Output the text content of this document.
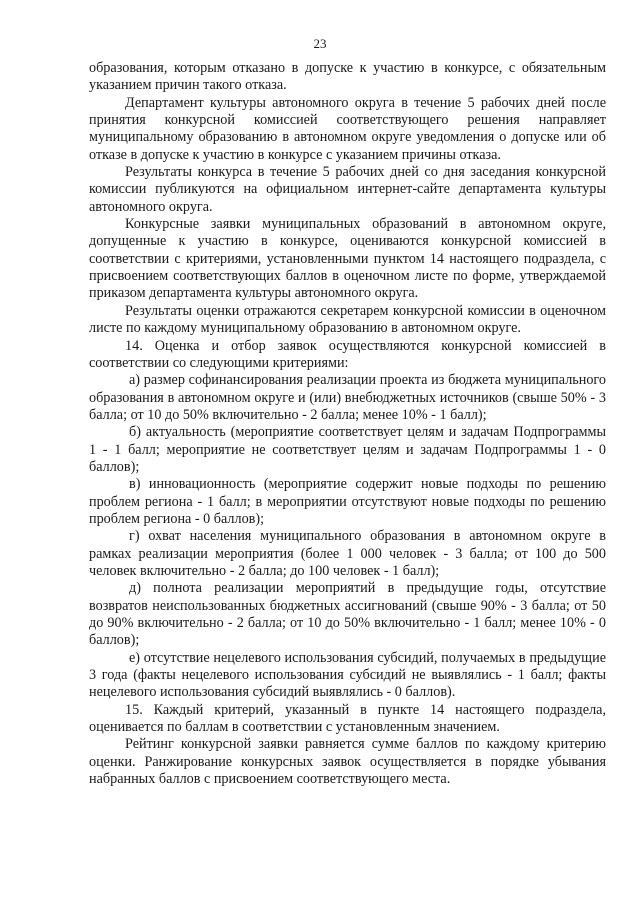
23

образования, которым отказано в допуске к участию в конкурсе, с обязательным указанием причин такого отказа.

Департамент культуры автономного округа в течение 5 рабочих дней после принятия конкурсной комиссией соответствующего решения направляет муниципальному образованию в автономном округе уведомления о допуске или об отказе в допуске к участию в конкурсе с указанием причины отказа.

Результаты конкурса в течение 5 рабочих дней со дня заседания конкурсной комиссии публикуются на официальном интернет-сайте департамента культуры автономного округа.

Конкурсные заявки муниципальных образований в автономном округе, допущенные к участию в конкурсе, оцениваются конкурсной комиссией в соответствии с критериями, установленными пунктом 14 настоящего подраздела, с присвоением соответствующих баллов в оценочном листе по форме, утверждаемой приказом департамента культуры автономного округа.

Результаты оценки отражаются секретарем конкурсной комиссии в оценочном листе по каждому муниципальному образованию в автономном округе.

14. Оценка и отбор заявок осуществляются конкурсной комиссией в соответствии со следующими критериями:

а) размер софинансирования реализации проекта из бюджета муниципального образования в автономном округе и (или) внебюджетных источников (свыше 50% - 3 балла; от 10 до 50% включительно - 2 балла; менее 10% - 1 балл);

б) актуальность (мероприятие соответствует целям и задачам Подпрограммы 1 - 1 балл; мероприятие не соответствует целям и задачам Подпрограммы 1 - 0 баллов);

в) инновационность (мероприятие содержит новые подходы по решению проблем региона - 1 балл; в мероприятии отсутствуют новые подходы по решению проблем региона - 0 баллов);

г) охват населения муниципального образования в автономном округе в рамках реализации мероприятия (более 1 000 человек - 3 балла; от 100 до 500 человек включительно - 2 балла; до 100 человек - 1 балл);

д) полнота реализации мероприятий в предыдущие годы, отсутствие возвратов неиспользованных бюджетных ассигнований (свыше 90% - 3 балла; от 50 до 90% включительно - 2 балла; от 10 до 50% включительно - 1 балл; менее 10% - 0 баллов);

е) отсутствие нецелевого использования субсидий, получаемых в предыдущие 3 года (факты нецелевого использования субсидий не выявлялись - 1 балл; факты нецелевого использования субсидий выявлялись - 0 баллов).

15. Каждый критерий, указанный в пункте 14 настоящего подраздела, оценивается по баллам в соответствии с установленным значением.

Рейтинг конкурсной заявки равняется сумме баллов по каждому критерию оценки. Ранжирование конкурсных заявок осуществляется в порядке убывания набранных баллов с присвоением соответствующего места.
